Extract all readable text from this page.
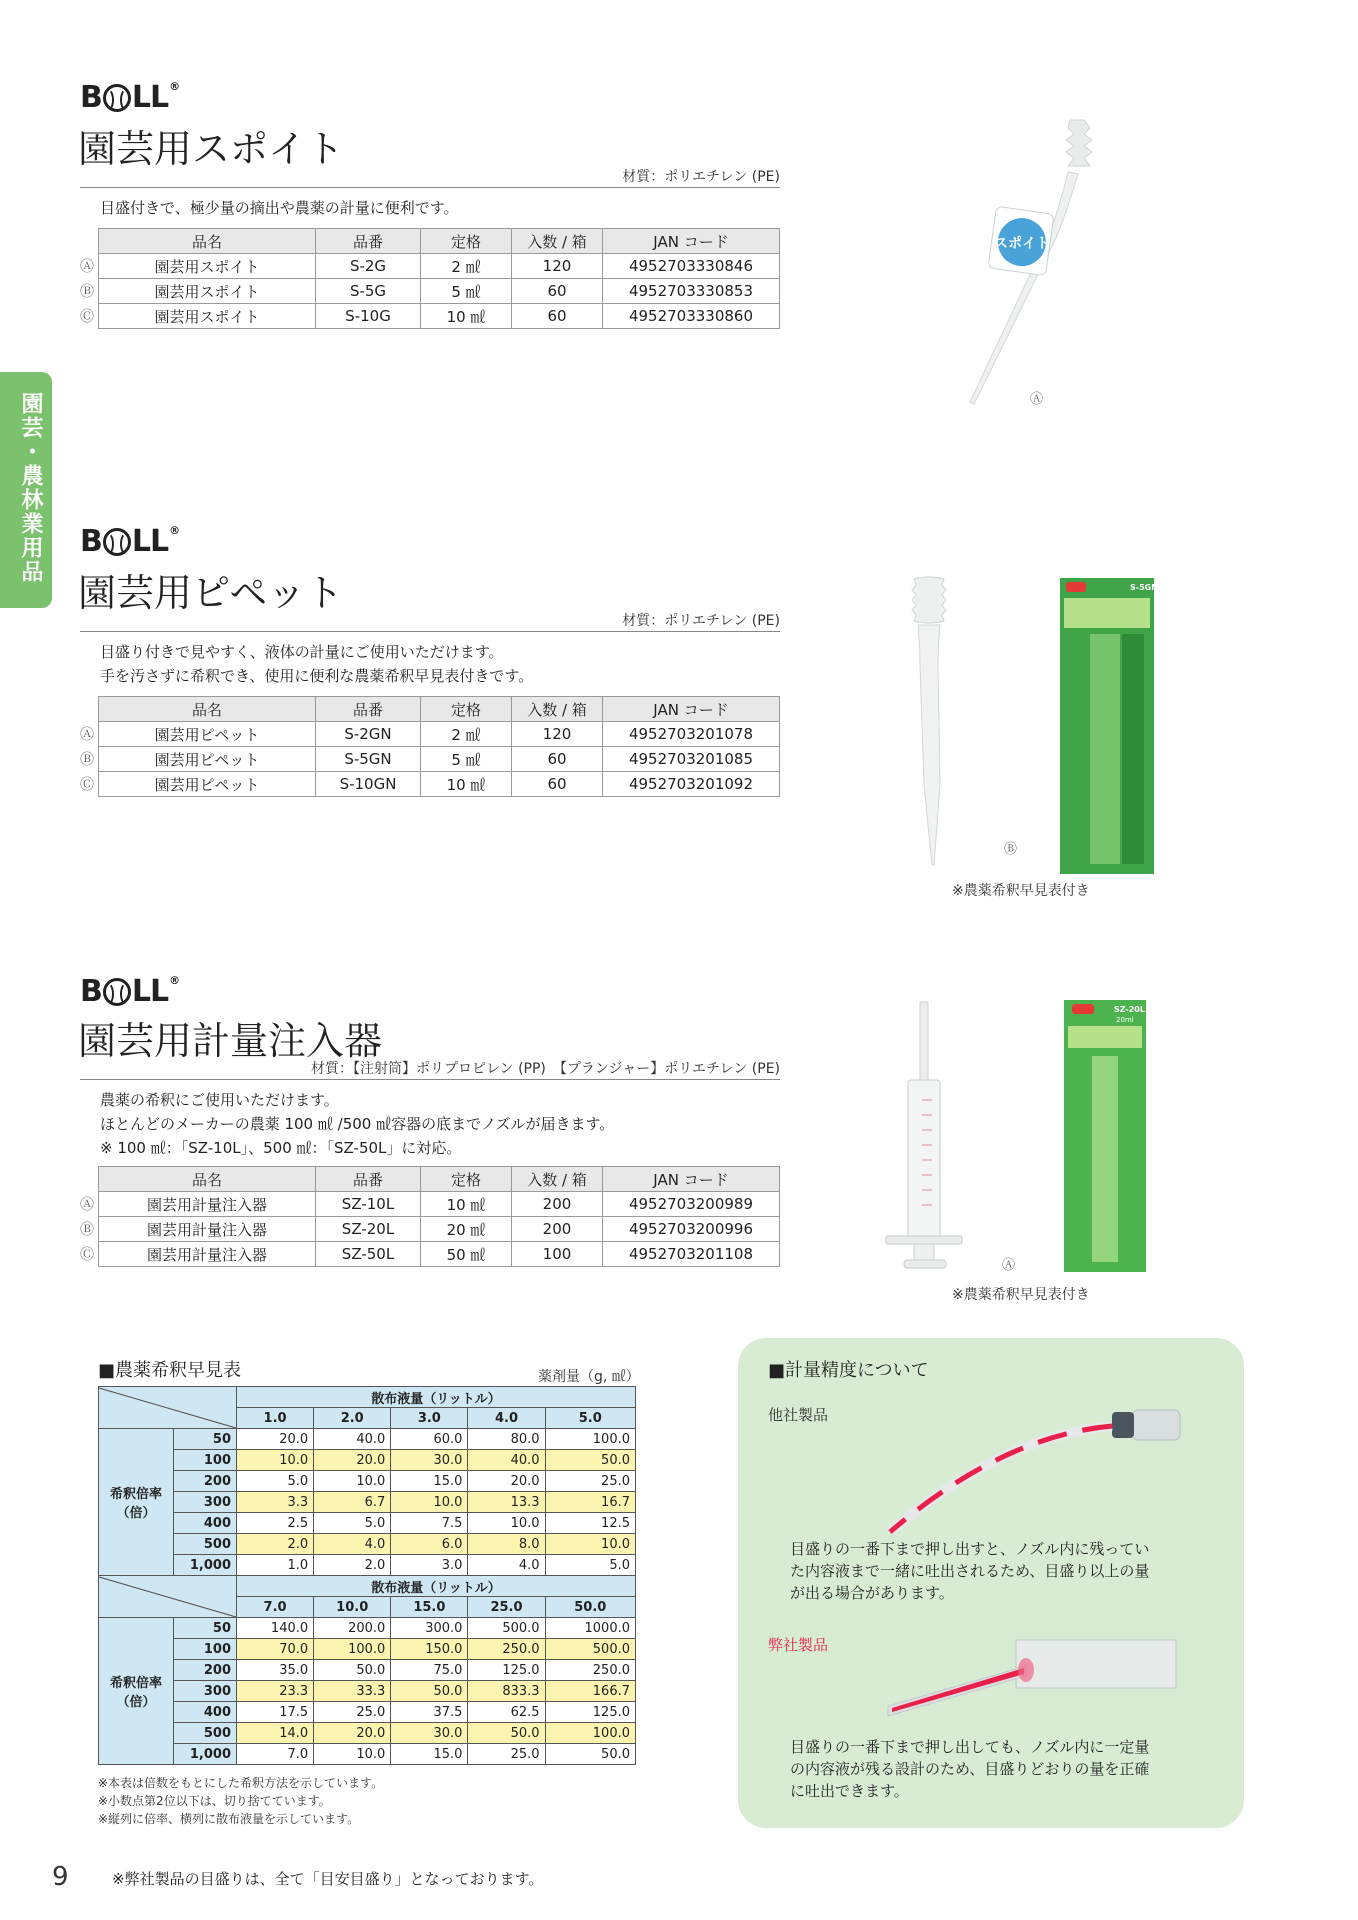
園芸・農林業用品
B LL®
園芸用スポイト
材質：ポリエチレン (PE)
目盛付きで、極少量の摘出や農薬の計量に便利です。
	品名	品番	定格	入数 / 箱	JAN コード
Ⓐ	園芸用スポイト	S-2G	2 ㎖	120	4952703330846
Ⓑ	園芸用スポイト	S-5G	5 ㎖	60	4952703330853
Ⓒ	園芸用スポイト	S-10G	10 ㎖	60	4952703330860
スポイト
Ⓐ
B LL®
園芸用ピペット
材質：ポリエチレン (PE)
目盛り付きで見やすく、液体の計量にご使用いただけます。
手を汚さずに希釈でき、使用に便利な農薬希釈早見表付きです。
	品名	品番	定格	入数 / 箱	JAN コード
Ⓐ	園芸用ピペット	S-2GN	2 ㎖	120	4952703201078
Ⓑ	園芸用ピペット	S-5GN	5 ㎖	60	4952703201085
Ⓒ	園芸用ピペット	S-10GN	10 ㎖	60	4952703201092
S-5GN
Ⓑ
※農薬希釈早見表付き
B LL®
園芸用計量注入器
材質：【注射筒】ポリプロピレン (PP)　【プランジャー】ポリエチレン (PE)
農薬の希釈にご使用いただけます。
ほとんどのメーカーの農薬 100 ㎖ /500 ㎖容器の底までノズルが届きます。
※ 100 ㎖：「SZ-10L」、500 ㎖：「SZ-50L」に対応。
	品名	品番	定格	入数 / 箱	JAN コード
Ⓐ	園芸用計量注入器	SZ-10L	10 ㎖	200	4952703200989
Ⓑ	園芸用計量注入器	SZ-20L	20 ㎖	200	4952703200996
Ⓒ	園芸用計量注入器	SZ-50L	50 ㎖	100	4952703201108
SZ-20L
20ml
Ⓐ
※農薬希釈早見表付き
■農薬希釈早見表	薬剤量（g, ㎖）
	散布液量（リットル）				
		1.0	2.0	3.0	4.0	5.0

希釈倍率
（倍）	50	20.0	40.0	60.0	80.0	100.0
	100	10.0	20.0	30.0	40.0	50.0
	200	5.0	10.0	15.0	20.0	25.0
	300	3.3	6.7	10.0	13.3	16.7
	400	2.5	5.0	7.5	10.0	12.5
	500	2.0	4.0	6.0	8.0	10.0
	1,000	1.0	2.0	3.0	4.0	5.0

	散布液量（リットル）				
		7.0	10.0	15.0	25.0	50.0

希釈倍率
（倍）	50	140.0	200.0	300.0	500.0	1000.0
	100	70.0	100.0	150.0	250.0	500.0
	200	35.0	50.0	75.0	125.0	250.0
	300	23.3	33.3	50.0	833.3	166.7
	400	17.5	25.0	37.5	62.5	125.0
	500	14.0	20.0	30.0	50.0	100.0
	1,000	7.0	10.0	15.0	25.0	50.0
※本表は倍数をもとにした希釈方法を示しています。
※小数点第2位以下は、切り捨てています。
※縦列に倍率、横列に散布液量を示しています。
■計量精度について
他社製品
目盛りの一番下まで押し出すと、ノズル内に残ってい
た内容液まで一緒に吐出されるため、目盛り以上の量
が出る場合があります。
弊社製品
目盛りの一番下まで押し出しても、ノズル内に一定量
の内容液が残る設計のため、目盛りどおりの量を正確
に吐出できます。
9	※弊社製品の目盛りは、全て「目安目盛り」となっております。
